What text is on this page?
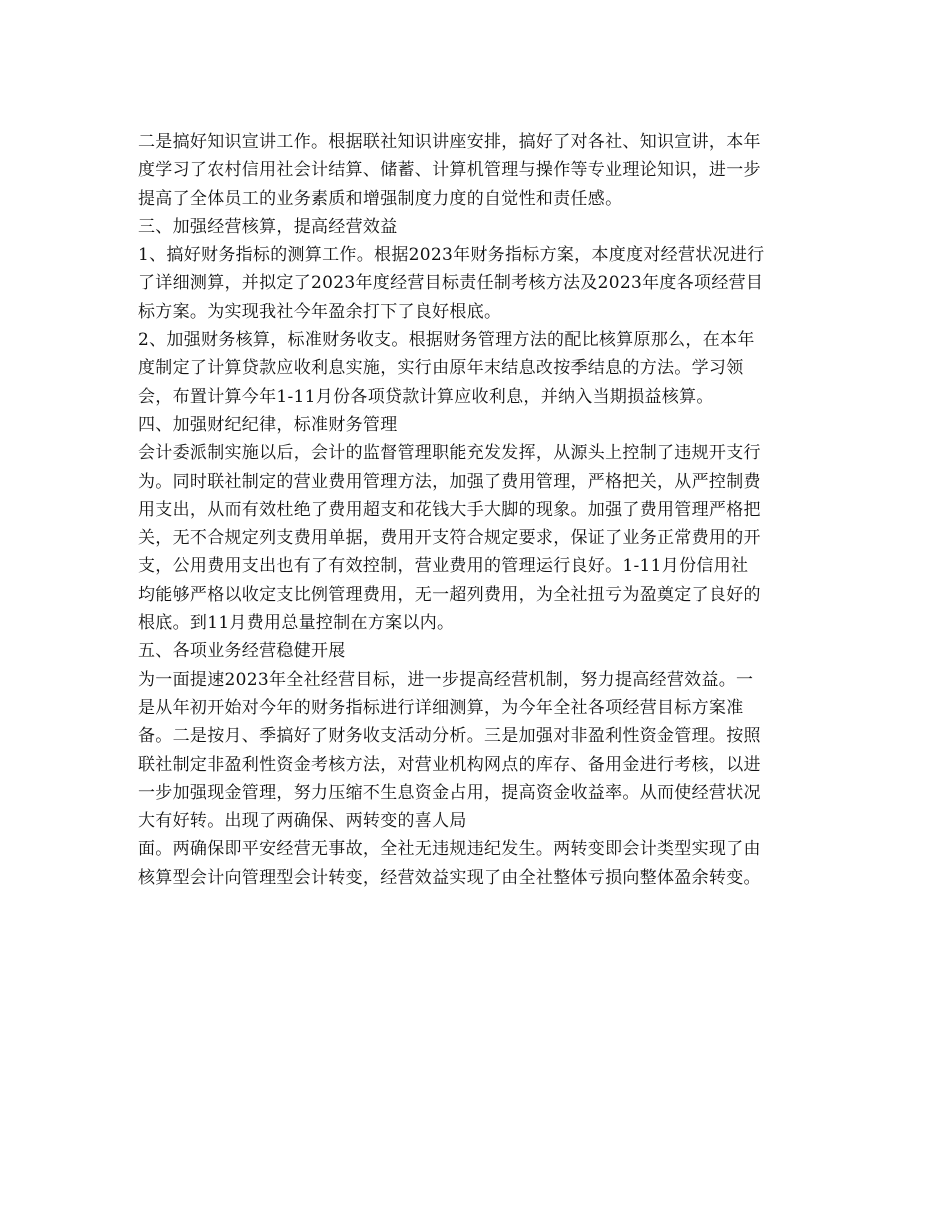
二是搞好知识宣讲工作。根据联社知识讲座安排，搞好了对各社、知识宣讲，本年
度学习了农村信用社会计结算、储蓄、计算机管理与操作等专业理论知识，进一步
提高了全体员工的业务素质和增强制度力度的自觉性和责任感。

三、加强经营核算，提高经营效益

1、搞好财务指标的测算工作。根据2023年财务指标方案，本度度对经营状况进行
了详细测算，并拟定了2023年度经营目标责任制考核方法及2023年度各项经营目
标方案。为实现我社今年盈余打下了良好根底。

2、加强财务核算，标准财务收支。根据财务管理方法的配比核算原那么，在本年
度制定了计算贷款应收利息实施，实行由原年末结息改按季结息的方法。学习领
会，布置计算今年1-11月份各项贷款计算应收利息，并纳入当期损益核算。

四、加强财纪纪律，标准财务管理

会计委派制实施以后，会计的监督管理职能充发发挥，从源头上控制了违规开支行
为。同时联社制定的营业费用管理方法，加强了费用管理，严格把关，从严控制费
用支出，从而有效杜绝了费用超支和花钱大手大脚的现象。加强了费用管理严格把
关，无不合规定列支费用单据，费用开支符合规定要求，保证了业务正常费用的开
支，公用费用支出也有了有效控制，营业费用的管理运行良好。1-11月份信用社
均能够严格以收定支比例管理费用，无一超列费用，为全社扭亏为盈奠定了良好的
根底。到11月费用总量控制在方案以内。

五、各项业务经营稳健开展

为一面提速2023年全社经营目标，进一步提高经营机制，努力提高经营效益。一
是从年初开始对今年的财务指标进行详细测算，为今年全社各项经营目标方案准
备。二是按月、季搞好了财务收支活动分析。三是加强对非盈利性资金管理。按照
联社制定非盈利性资金考核方法，对营业机构网点的库存、备用金进行考核，以进
一步加强现金管理，努力压缩不生息资金占用，提高资金收益率。从而使经营状况
大有好转。出现了两确保、两转变的喜人局

面。两确保即平安经营无事故，全社无违规违纪发生。两转变即会计类型实现了由
核算型会计向管理型会计转变，经营效益实现了由全社整体亏损向整体盈余转变。
